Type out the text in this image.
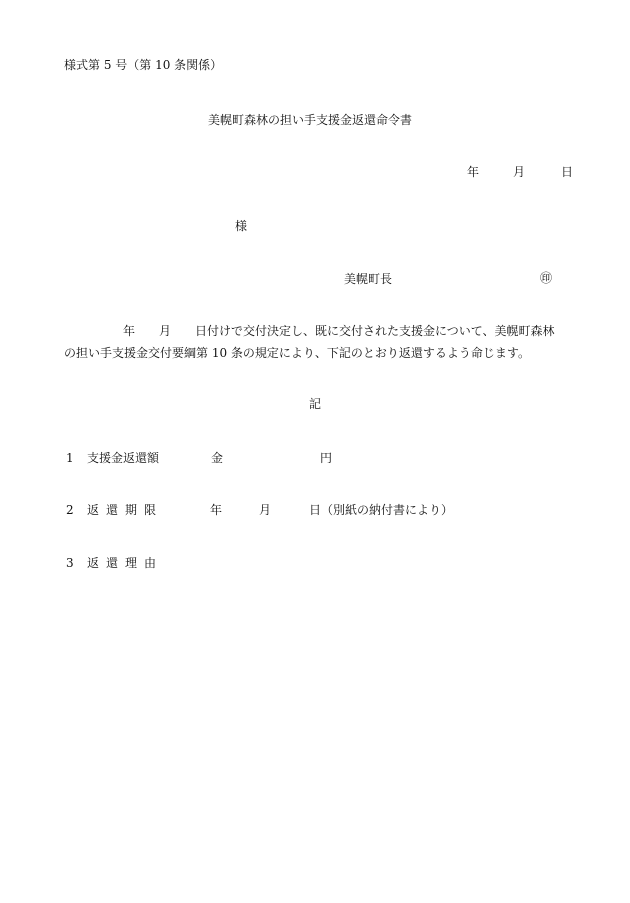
様式第 5 号（第 10 条関係）
美幌町森林の担い手支援金返還命令書
年	月	日
様
美幌町長	㊞
年　　月　　日付けで交付決定し、既に交付された支援金について、美幌町森林
の担い手支援金交付要綱第 10 条の規定により、下記のとおり返還するよう命じます。
記
1 支援金返還額	金	円
2 返還期限	年	月	日（別紙の納付書により）
3 返還理由
